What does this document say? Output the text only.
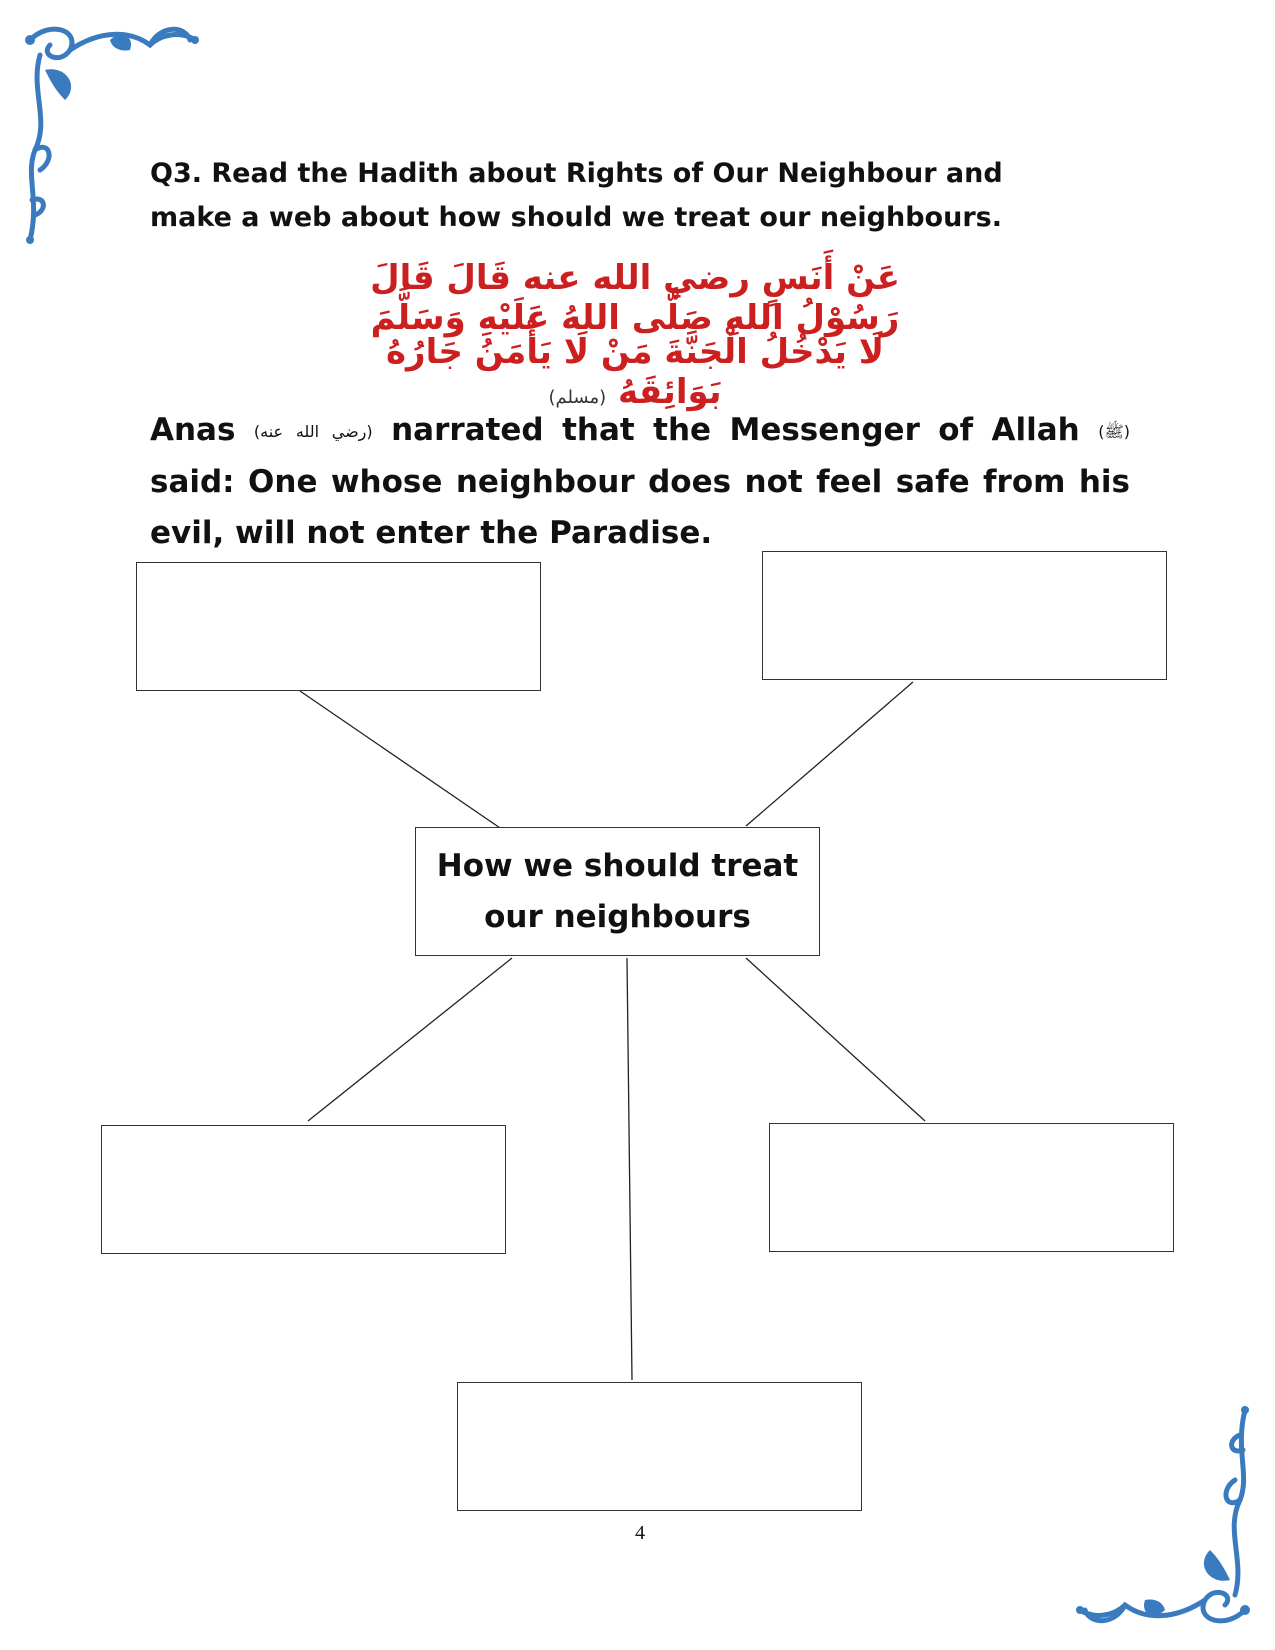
Q3. Read the Hadith about Rights of Our Neighbour and make a web about how should we treat our neighbours.
عَنْ أَنَسٍ رضي الله عنه قَالَ قَالَ رَسُوْلُ اللهِ صَلَّى اللهُ عَلَيْهِ وَسَلَّمَ
لَا يَدْخُلُ الْجَنَّةَ مَنْ لَا يَأْمَنُ جَارُهُ بَوَائِقَهُ (مسلم)
Anas (رضي الله عنه) narrated that the Messenger of Allah (ﷺ) said: One whose neighbour does not feel safe from his evil, will not enter the Paradise.
How we should treat
our neighbours
4
